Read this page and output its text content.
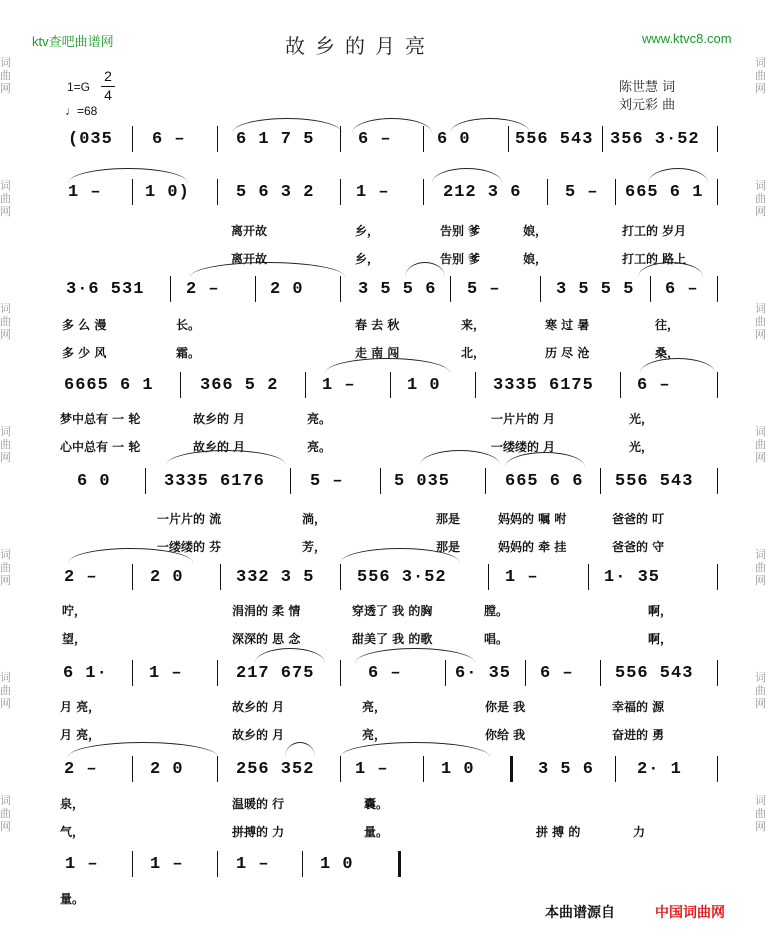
词
曲
网
词
曲
网
词
曲
网
词
曲
网
词
曲
网
词
曲
网
词
曲
网
词
曲
网
词
曲
网
词
曲
网
词
曲
网
词
曲
网
词
曲
网
词
曲
网
ktv查吧曲谱网	www.ktvc8.com
故乡的月亮
陈世慧 词
刘元彩 曲
1=G
2
4
♩=68
(035 6 –	6 1 7 5	6 –	6 0	556 543 356 3·52
1 –	1 0)	5 6 3 2 1 –	212 3 6	5 – 665 6 1
离开故	乡，	告别 爹	娘，	打工的 岁月
离开故	乡，	告别 爹	娘，	打工的 路上
3·6 531 2 –	2 0	3 5 5 6 5 –	3 5 5 5 6 –
多 么 漫	长。	春 去 秋	来，	寒 过 暑	往，
多 少 风	霜。	走 南 闯	北，	历 尽 沧	桑，
6665 6 1	366 5 2	1 –	1 0	3335 6175	6 –
梦中总有 一 轮	故乡的 月	亮。	一片片的 月	光，
心中总有 一 轮	故乡的 月	亮。	一缕缕的 月	光，
6 0	3335 6176	5 –	5 035	665 6 6 556 543
一片片的 流	淌，	那是	妈妈的 嘱 咐	爸爸的 叮
一缕缕的 芬	芳，	那是	妈妈的 牵 挂	爸爸的 守
2 –	2 0	332 3 5	556 3·52	1 –	1· 35
咛，	涓涓的 柔 情	穿透了 我 的胸	膛。	啊，
望，	深深的 思 念	甜美了 我 的歌	唱。	啊，
6 1· 1 –	217 675	6 –	6· 35 6 – 556 543
月 亮，	故乡的 月	亮，	你是 我	幸福的 源
月 亮，	故乡的 月	亮，	你给 我	奋进的 勇
2 –	2 0	256 352 1 –	1 0	3 5 6	2· 1
泉，	温暖的 行	囊。
气，	拼搏的 力	量。	拼 搏 的	力
1 –	1 –	1 –	1 0
量。
本曲谱源自	中国词曲网
